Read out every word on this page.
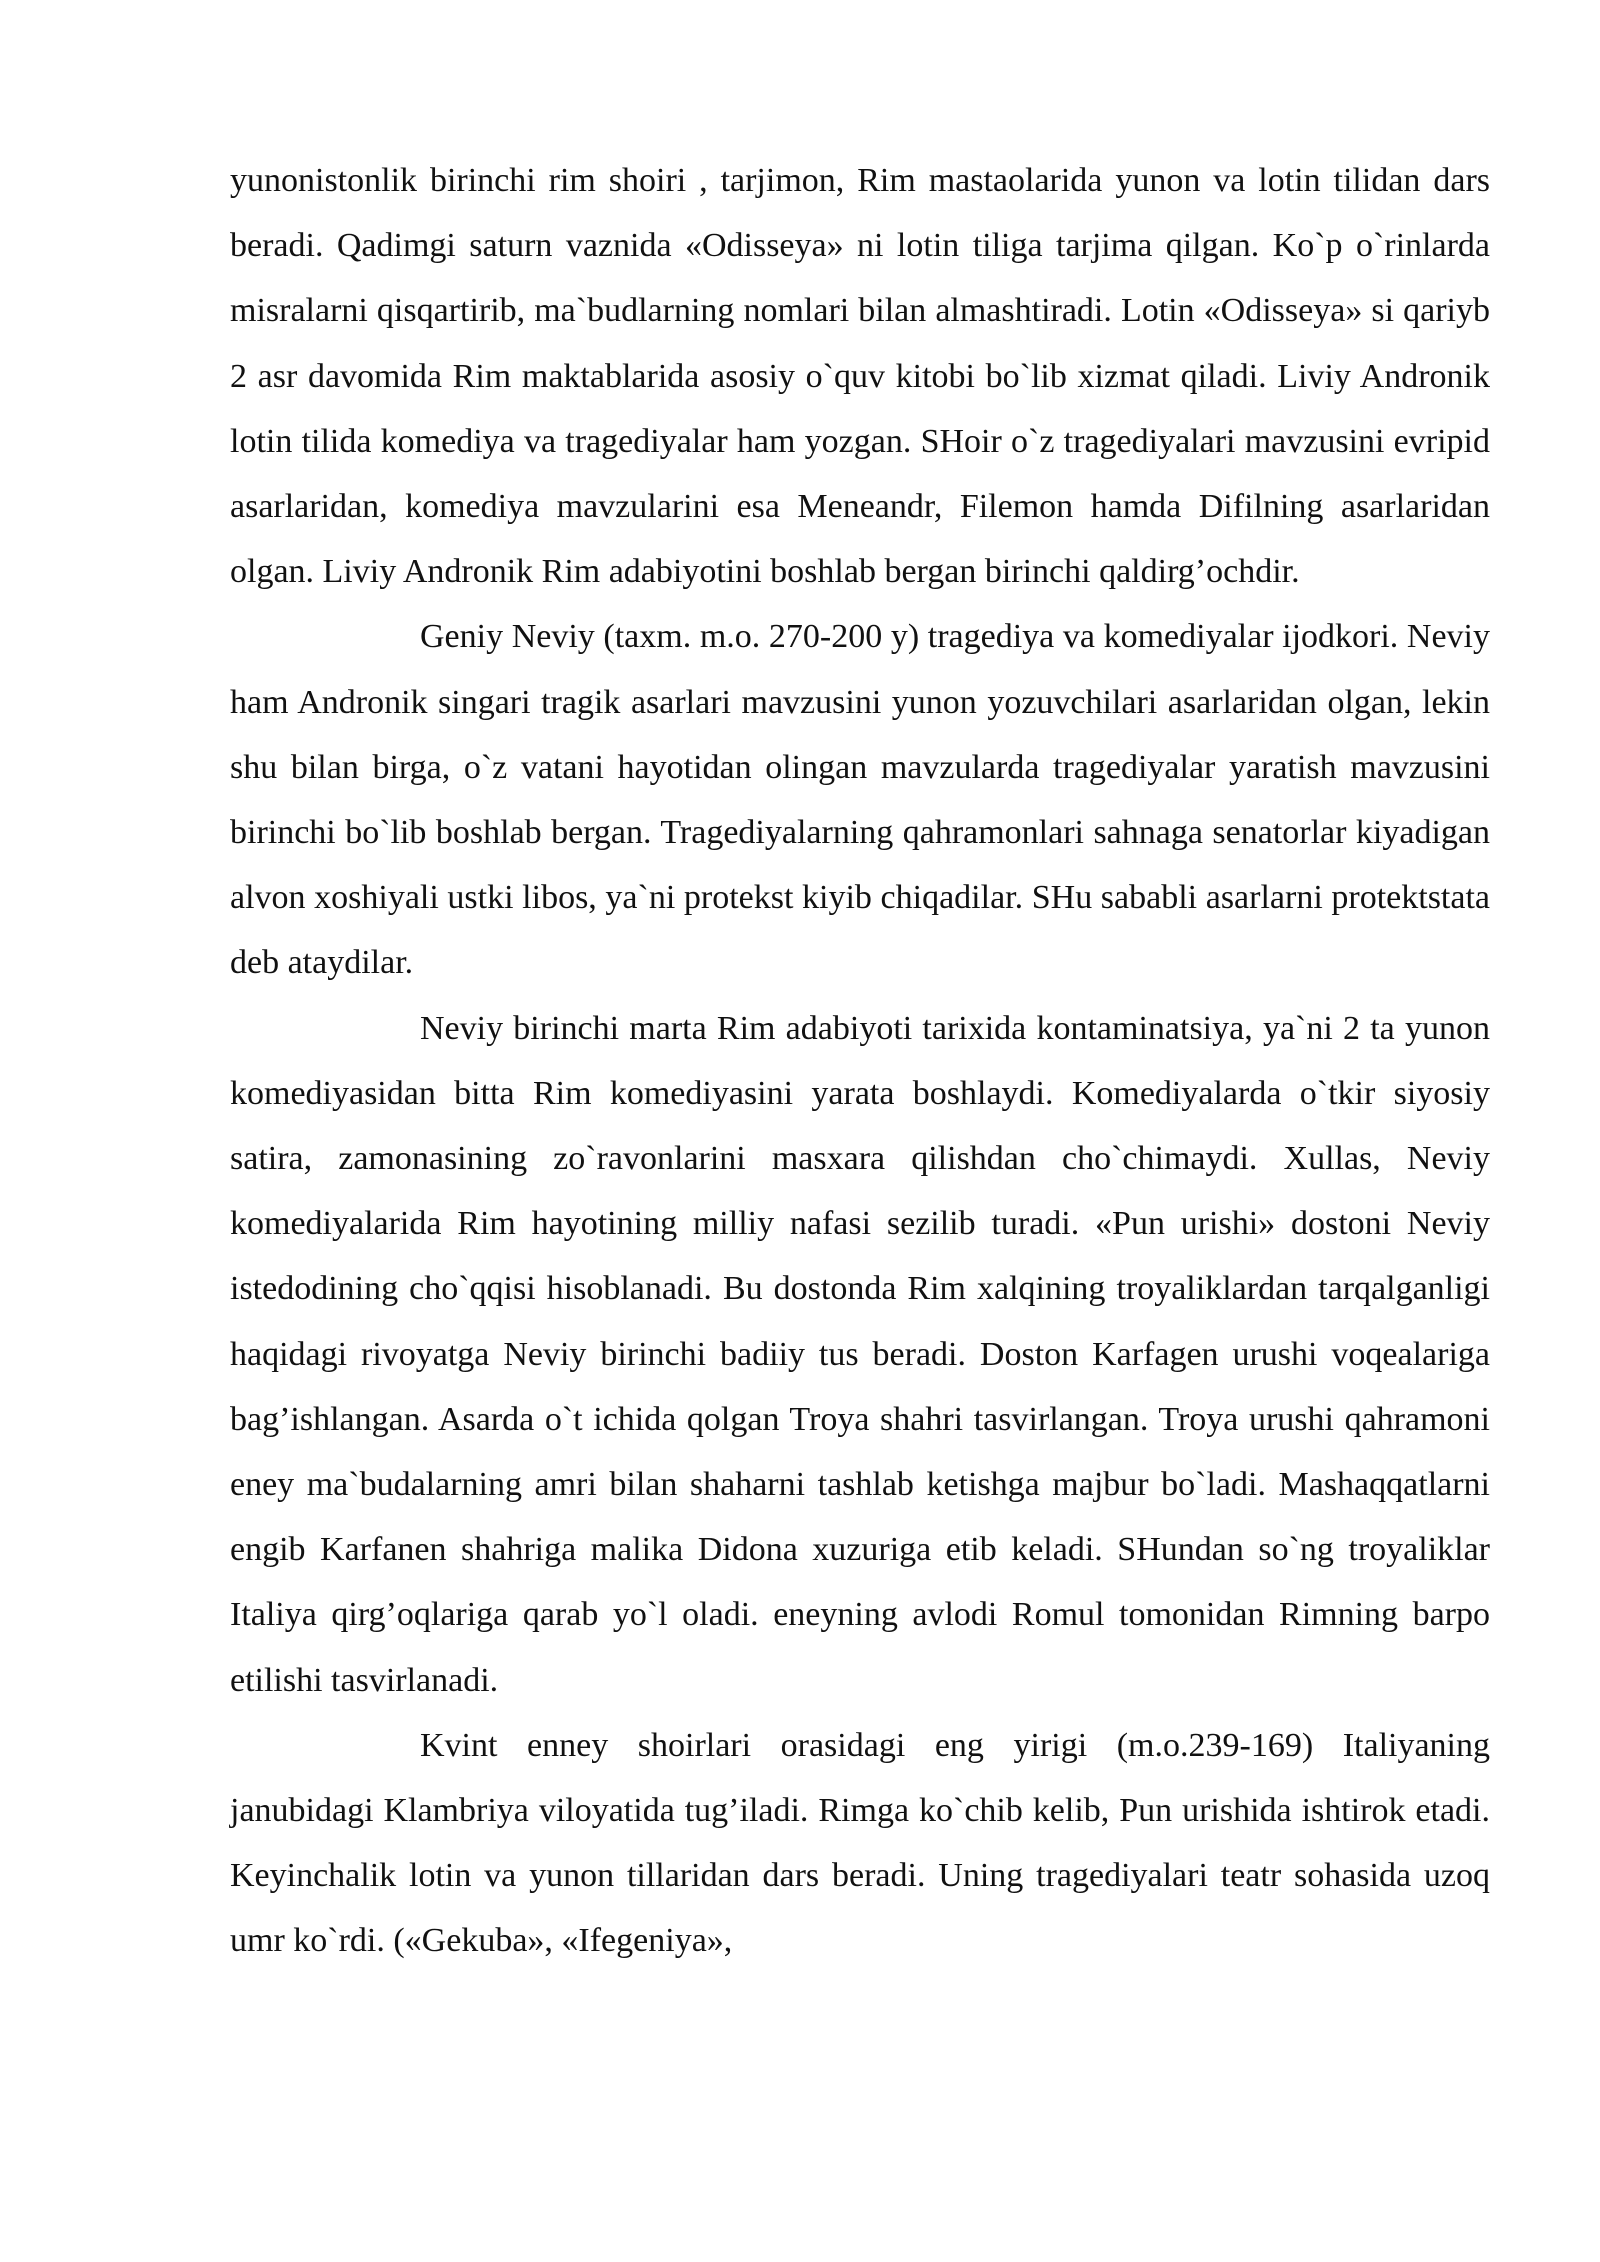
yunonistonlik birinchi rim shoiri , tarjimon, Rim mastaolarida yunon va lotin tilidan dars beradi. Qadimgi saturn vaznida «Odisseya» ni lotin tiliga tarjima qilgan. Ko`p o`rinlarda misralarni qisqartirib, ma`budlarning nomlari bilan almashtiradi. Lotin «Odisseya» si qariyb 2 asr davomida Rim maktablarida asosiy o`quv kitobi bo`lib xizmat qiladi. Liviy Andronik lotin tilida komediya va tragediyalar ham yozgan. SHoir o`z tragediyalari mavzusini evripid asarlaridan, komediya mavzularini esa Meneandr, Filemon hamda Difilning asarlaridan olgan. Liviy Andronik Rim adabiyotini boshlab bergan birinchi qaldirg’ochdir.

Geniy Neviy (taxm. m.o. 270-200 y) tragediya va komediyalar ijodkori. Neviy ham Andronik singari tragik asarlari mavzusini yunon yozuvchilari asarlaridan olgan, lekin shu bilan birga, o`z vatani hayotidan olingan mavzularda tragediyalar yaratish mavzusini birinchi bo`lib boshlab bergan. Tragediyalarning qahramonlari sahnaga senatorlar kiyadigan alvon xoshiyali ustki libos, ya`ni protekst kiyib chiqadilar. SHu sababli asarlarni protektstata deb ataydilar.

Neviy birinchi marta Rim adabiyoti tarixida kontaminatsiya, ya`ni 2 ta yunon komediyasidan bitta Rim komediyasini yarata boshlaydi. Komediyalarda o`tkir siyosiy satira, zamonasining zo`ravonlarini masxara qilishdan cho`chimaydi. Xullas, Neviy komediyalarida Rim hayotining milliy nafasi sezilib turadi. «Pun urishi» dostoni Neviy istedodining cho`qqisi hisoblanadi. Bu dostonda Rim xalqining troyaliklardan tarqalganligi haqidagi rivoyatga Neviy birinchi badiiy tus beradi. Doston Karfagen urushi voqealariga bag’ishlangan. Asarda o`t ichida qolgan Troya shahri tasvirlangan. Troya urushi qahramoni eney ma`budalarning amri bilan shaharni tashlab ketishga majbur bo`ladi. Mashaqqatlarni engib Karfanen shahriga malika Didona xuzuriga etib keladi. SHundan so`ng troyaliklar Italiya qirg’oqlariga qarab yo`l oladi. eneyning avlodi Romul tomonidan Rimning barpo etilishi tasvirlanadi.

Kvint enney shoirlari orasidagi eng yirigi (m.o.239-169) Italiyaning janubidagi Klambriya viloyatida tug’iladi. Rimga ko`chib kelib, Pun urishida ishtirok etadi. Keyinchalik lotin va yunon tillaridan dars beradi. Uning tragediyalari teatr sohasida uzoq umr ko`rdi. («Gekuba», «Ifegeniya»,
